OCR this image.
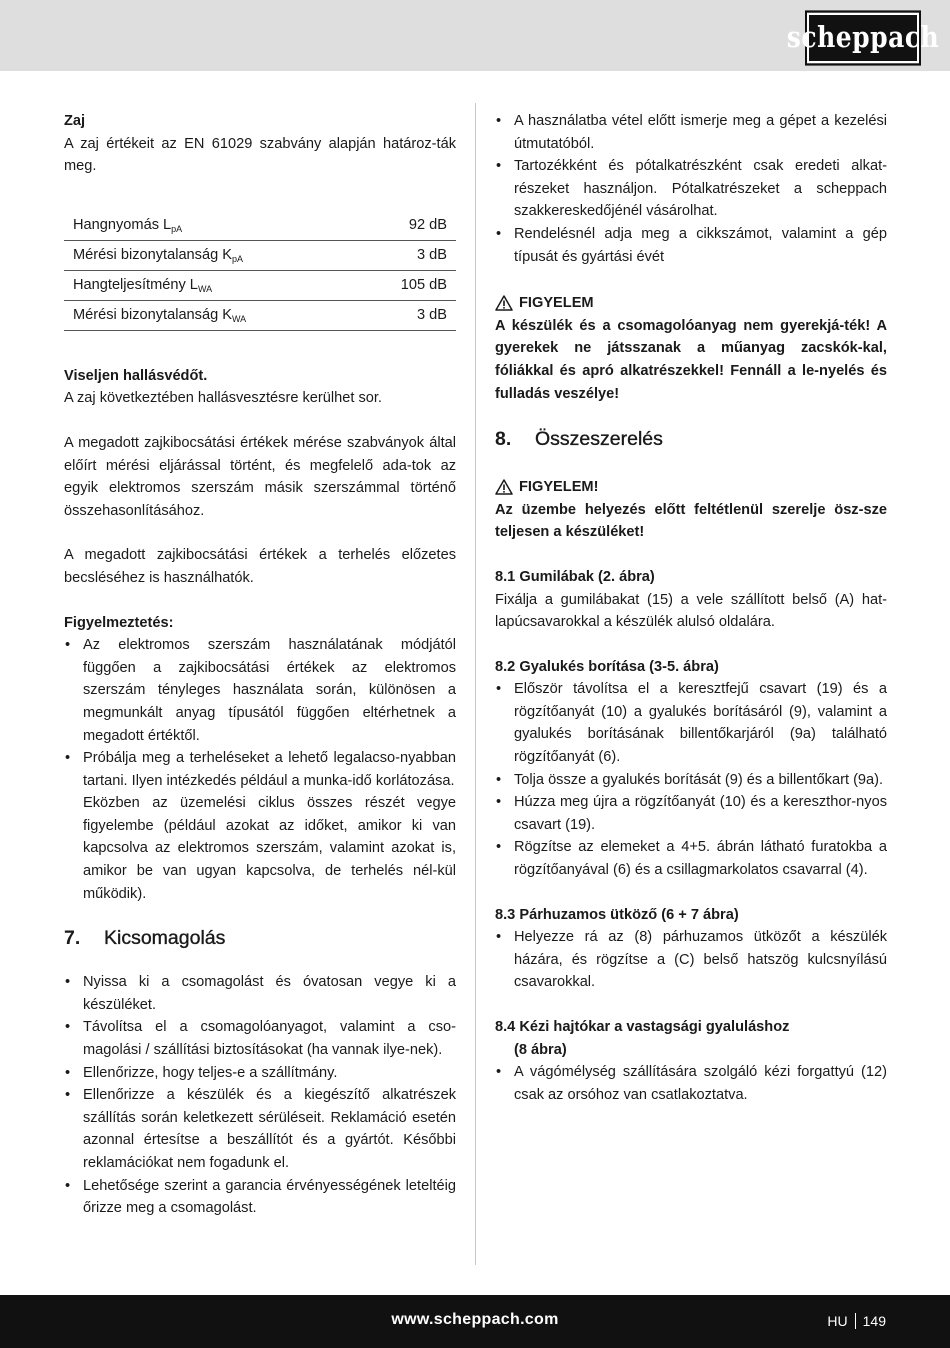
scheppach

Zaj

A zaj értékeit az EN 61029 szabvány alapján határoz-ták meg.

Hangnyomás $L_{pA}$	92 dB
Mérési bizonytalanság $K_{pA}$	3 dB
Hangteljesítmény $L_{WA}$	105 dB
Mérési bizonytalanság $K_{WA}$	3 dB

Viseljen hallásvédőt.

A zaj következtében hallásvesztésre kerülhet sor.

A megadott zajkibocsátási értékek mérése szabványok által előírt mérési eljárással történt, és megfelelő ada-tok az egyik elektromos szerszám másik szerszámmal történő összehasonlításához.

A megadott zajkibocsátási értékek a terhelés előzetes becsléséhez is használhatók.

Figyelmeztetés:

• Az elektromos szerszám használatának módjától függően a zajkibocsátási értékek az elektromos szerszám tényleges használata során, különösen a megmunkált anyag típusától függően eltérhetnek a megadott értéktől.
• Próbálja meg a terheléseket a lehető legalacso-nyabban tartani. Ilyen intézkedés például a munka-idő korlátozása.

Eközben az üzemelési ciklus összes részét vegye figyelembe (például azokat az időket, amikor ki van kapcsolva az elektromos szerszám, valamint azokat is, amikor be van ugyan kapcsolva, de terhelés nél-kül működik).

7.	Kicsomagolás
• Nyissa ki a csomagolást és óvatosan vegye ki a készüléket.
• Távolítsa el a csomagolóanyagot, valamint a cso-magolási / szállítási biztosításokat (ha vannak ilye-nek).
• Ellenőrizze, hogy teljes-e a szállítmány.
• Ellenőrizze a készülék és a kiegészítő alkatrészek szállítás során keletkezett sérüléseit. Reklamáció esetén azonnal értesítse a beszállítót és a gyártót. Későbbi reklamációkat nem fogadunk el.
• Lehetősége szerint a garancia érvényességének leteltéig őrizze meg a csomagolást.
• A használatba vétel előtt ismerje meg a gépet a kezelési útmutatóból.
• Tartozékként és pótalkatrészként csak eredeti alkat-részeket használjon. Pótalkatrészeket a scheppach szakkereskedőjénél vásárolhat.
• Rendelésnél adja meg a cikkszámot, valamint a gép típusát és gyártási évét
FIGYELEM

A készülék és a csomagolóanyag nem gyerekjá-ték! A gyerekek ne játsszanak a műanyag zacskók-kal, fóliákkal és apró alkatrészekkel! Fennáll a le-nyelés és fulladás veszélye!

8.	Összeszerelés
FIGYELEM!

Az üzembe helyezés előtt feltétlenül szerelje ösz-sze teljesen a készüléket!

8.1 Gumilábak (2. ábra)

Fixálja a gumilábakat (15) a vele szállított belső (A) hat-lapúcsavarokkal a készülék alulsó oldalára.

8.2 Gyalukés borítása (3-5. ábra)

• Először távolítsa el a keresztfejű csavart (19) és a rögzítőanyát (10) a gyalukés borításáról (9), valamint a gyalukés borításának billentőkarjáról (9a) található rögzítőanyát (6).
• Tolja össze a gyalukés borítását (9) és a billentőkart (9a).
• Húzza meg újra a rögzítőanyát (10) és a kereszthor-nyos csavart (19).
• Rögzítse az elemeket a 4+5. ábrán látható furatokba a rögzítőanyával (6) és a csillagmarkolatos csavarral (4).

8.3 Párhuzamos ütköző (6 + 7 ábra)

• Helyezze rá az (8) párhuzamos ütközőt a készülék házára, és rögzítse a (C) belső hatszög kulcsnyílású csavarokkal.

8.4 Kézi hajtókar a vastagsági gyaluláshoz

(8 ábra)

• A vágómélység szállítására szolgáló kézi forgattyú (12) csak az orsóhoz van csatlakoztatva.
www.scheppach.com	HU 149
